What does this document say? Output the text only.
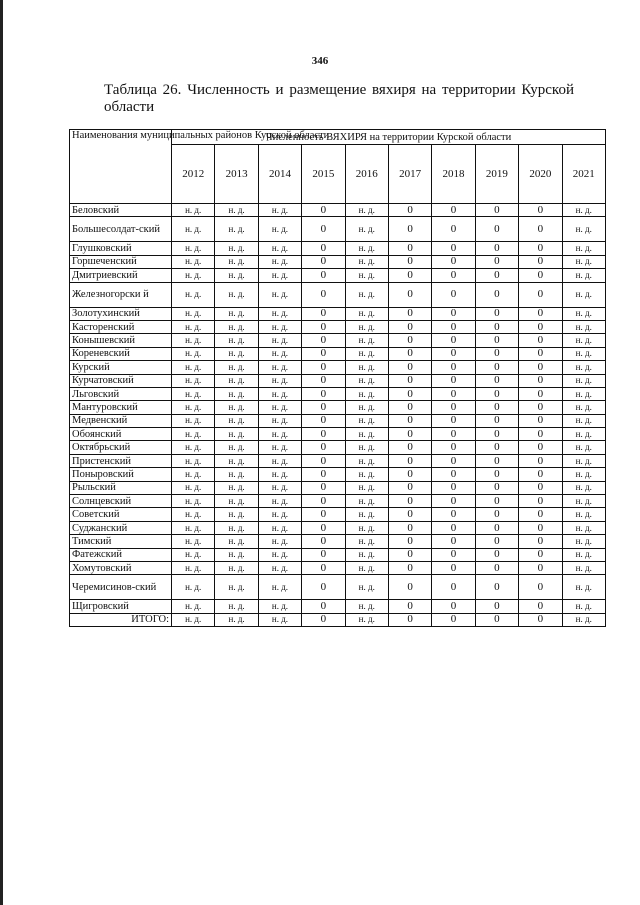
346
Таблица 26. Численность и размещение вяхиря на территории Курской области
Наименования муниципальных районов Курской области	Численность ВЯХИРЯ на территории Курской области									
	2012	2013	2014	2015	2016	2017	2018	2019	2020	2021
Беловский	н. д.	н. д.	н. д.	0	н. д.	0	0	0	0	н. д.
Большесолдат-ский	н. д.	н. д.	н. д.	0	н. д.	0	0	0	0	н. д.
Глушковский	н. д.	н. д.	н. д.	0	н. д.	0	0	0	0	н. д.
Горшеченский	н. д.	н. д.	н. д.	0	н. д.	0	0	0	0	н. д.
Дмитриевский	н. д.	н. д.	н. д.	0	н. д.	0	0	0	0	н. д.
Железногорски й	н. д.	н. д.	н. д.	0	н. д.	0	0	0	0	н. д.
Золотухинский	н. д.	н. д.	н. д.	0	н. д.	0	0	0	0	н. д.
Касторенский	н. д.	н. д.	н. д.	0	н. д.	0	0	0	0	н. д.
Конышевский	н. д.	н. д.	н. д.	0	н. д.	0	0	0	0	н. д.
Кореневский	н. д.	н. д.	н. д.	0	н. д.	0	0	0	0	н. д.
Курский	н. д.	н. д.	н. д.	0	н. д.	0	0	0	0	н. д.
Курчатовский	н. д.	н. д.	н. д.	0	н. д.	0	0	0	0	н. д.
Льговский	н. д.	н. д.	н. д.	0	н. д.	0	0	0	0	н. д.
Мантуровский	н. д.	н. д.	н. д.	0	н. д.	0	0	0	0	н. д.
Медвенский	н. д.	н. д.	н. д.	0	н. д.	0	0	0	0	н. д.
Обоянский	н. д.	н. д.	н. д.	0	н. д.	0	0	0	0	н. д.
Октябрьский	н. д.	н. д.	н. д.	0	н. д.	0	0	0	0	н. д.
Пристенский	н. д.	н. д.	н. д.	0	н. д.	0	0	0	0	н. д.
Поныровский	н. д.	н. д.	н. д.	0	н. д.	0	0	0	0	н. д.
Рыльский	н. д.	н. д.	н. д.	0	н. д.	0	0	0	0	н. д.
Солнцевский	н. д.	н. д.	н. д.	0	н. д.	0	0	0	0	н. д.
Советский	н. д.	н. д.	н. д.	0	н. д.	0	0	0	0	н. д.
Суджанский	н. д.	н. д.	н. д.	0	н. д.	0	0	0	0	н. д.
Тимский	н. д.	н. д.	н. д.	0	н. д.	0	0	0	0	н. д.
Фатежский	н. д.	н. д.	н. д.	0	н. д.	0	0	0	0	н. д.
Хомутовский	н. д.	н. д.	н. д.	0	н. д.	0	0	0	0	н. д.
Черемисинов-ский	н. д.	н. д.	н. д.	0	н. д.	0	0	0	0	н. д.
Щигровский	н. д.	н. д.	н. д.	0	н. д.	0	0	0	0	н. д.
ИТОГО:	н. д.	н. д.	н. д.	0	н. д.	0	0	0	0	н. д.
